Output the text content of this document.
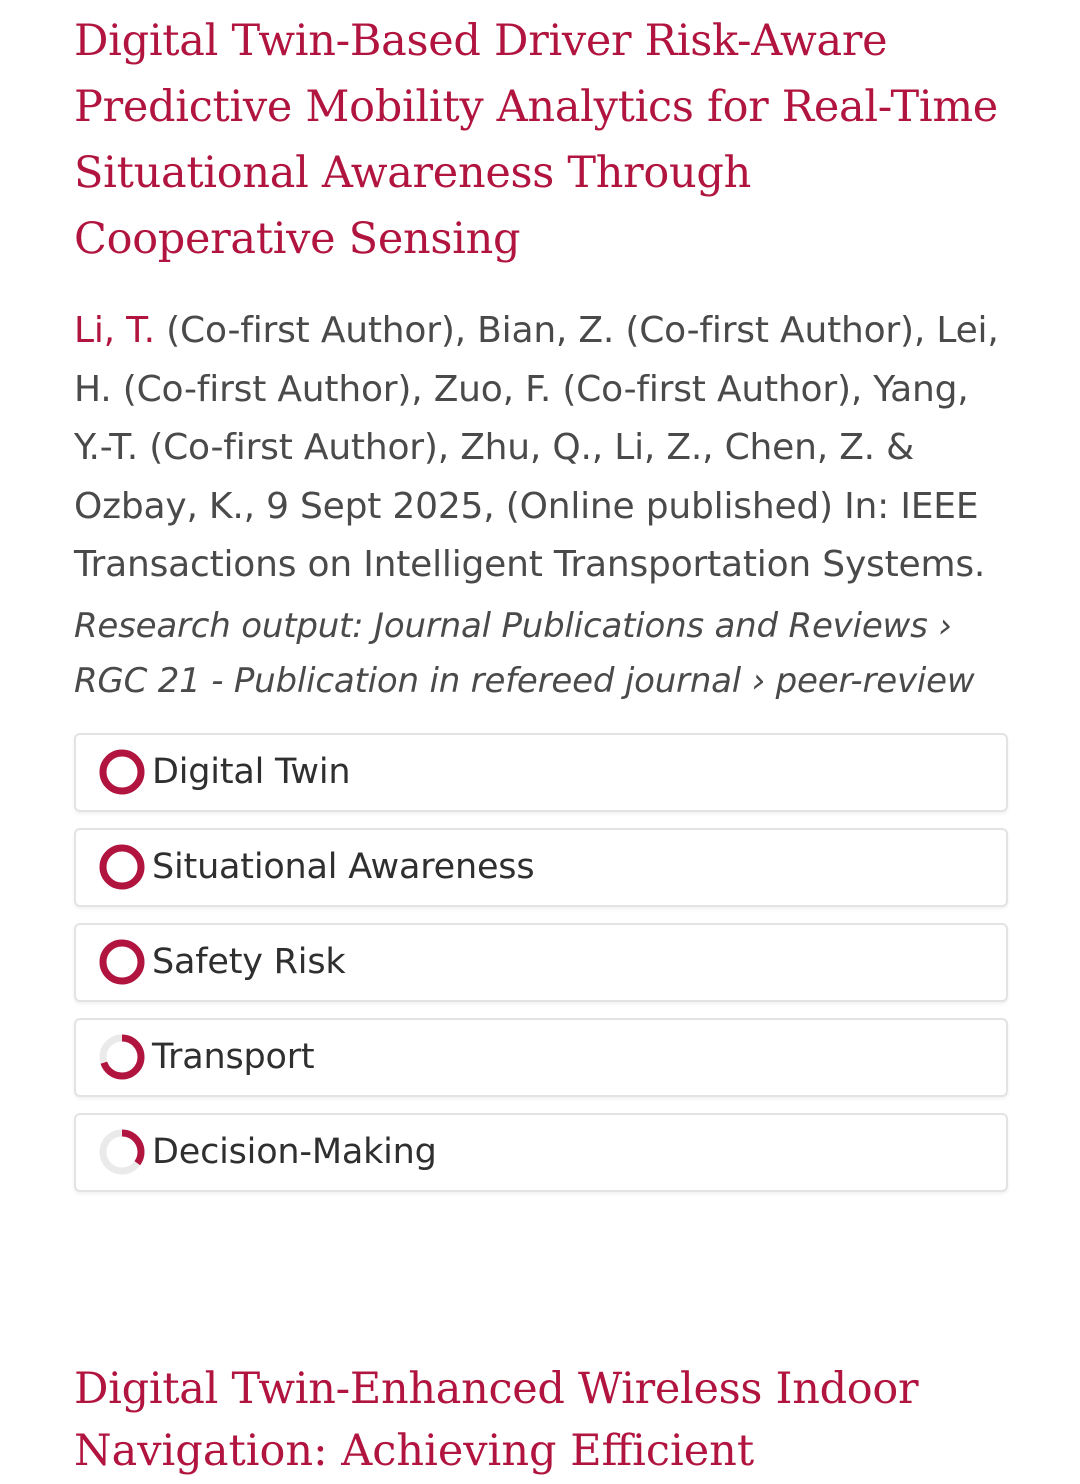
Digital Twin-Based Driver Risk-Aware Predictive Mobility Analytics for Real-Time Situational Awareness Through Cooperative Sensing
Li, T. (Co-first Author), Bian, Z. (Co-first Author), Lei, H. (Co-first Author), Zuo, F. (Co-first Author), Yang, Y.-T. (Co-first Author), Zhu, Q., Li, Z., Chen, Z. & Ozbay, K., 9 Sept 2025, (Online published) In: IEEE Transactions on Intelligent Transportation Systems.
Research output: Journal Publications and Reviews › RGC 21 - Publication in refereed journal › peer-review
Digital Twin
Situational Awareness
Safety Risk
Transport
Decision-Making
Digital Twin-Enhanced Wireless Indoor
Navigation: Achieving Efficient
